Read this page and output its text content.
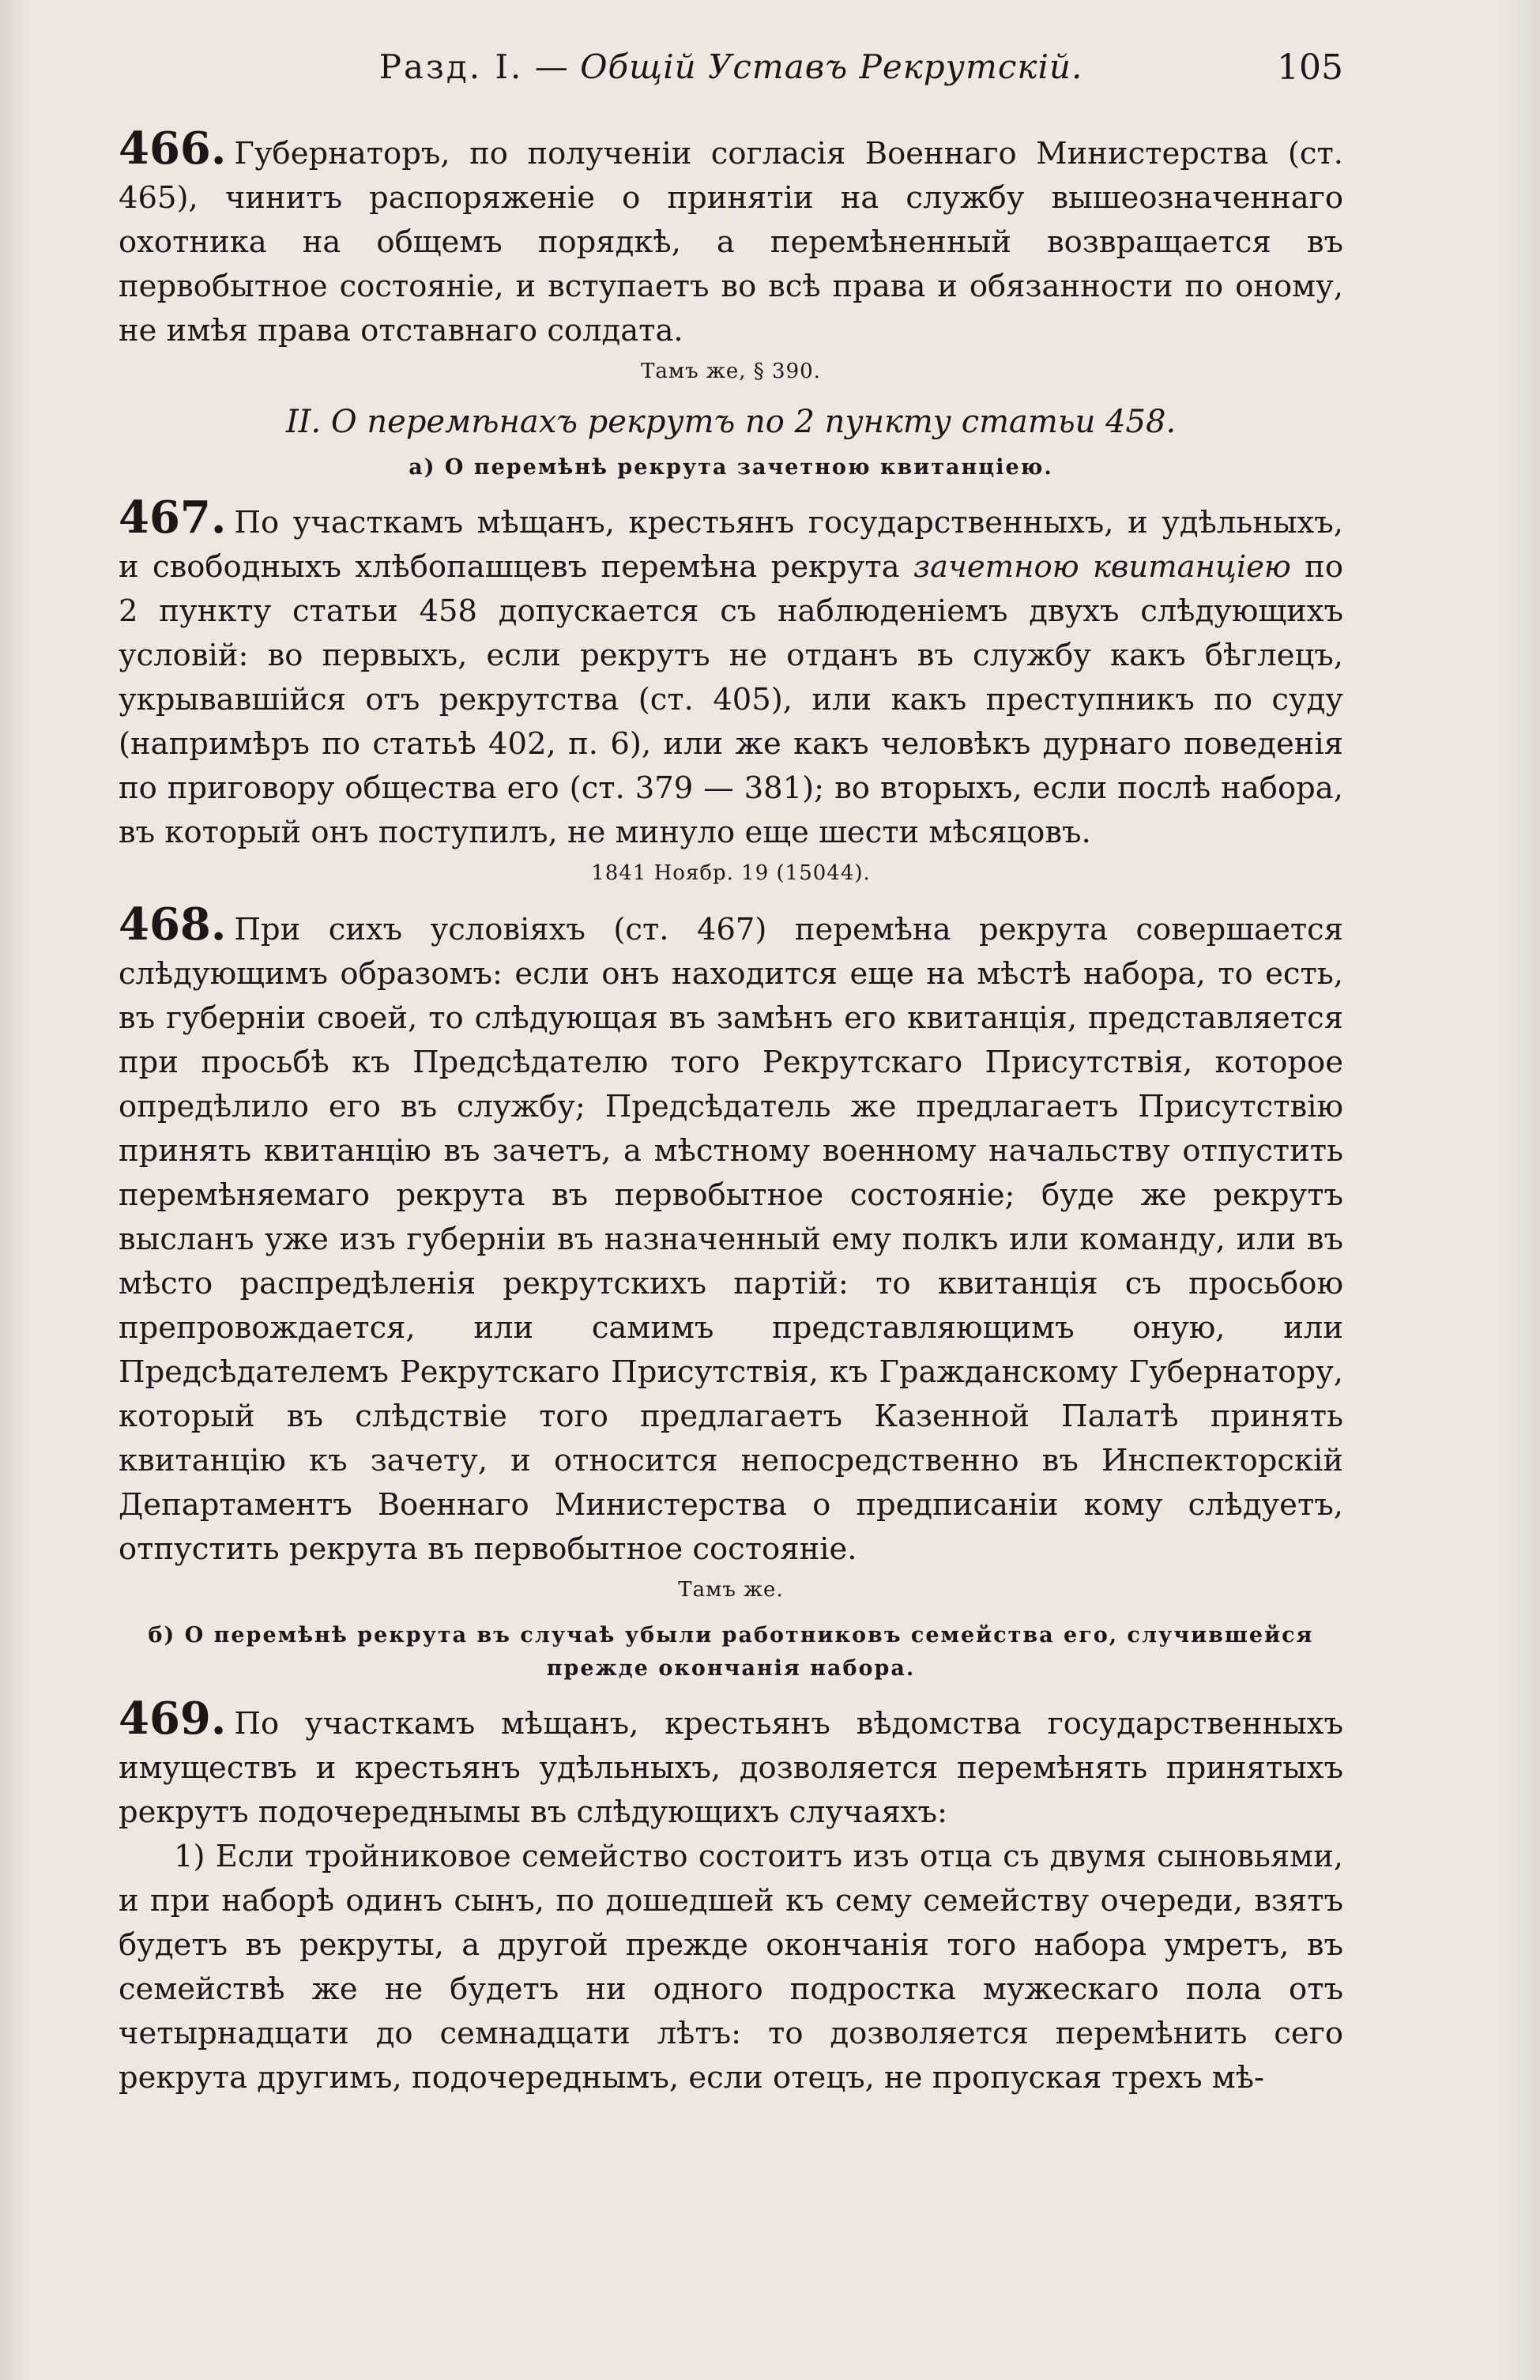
Разд. I. — Общій Уставъ Рекрутскій.	105

466. Губернаторъ, по полученіи согласія Военнаго Министерства (ст. 465), чинитъ распоряженіе о принятіи на службу вышеозначеннаго охотника на общемъ порядкѣ, а перемѣненный возвращается въ первобытное состояніе, и вступаетъ во всѣ права и обязанности по оному, не имѣя права отставнаго солдата.

Тамъ же, § 390.
II. О перемѣнахъ рекрутъ по 2 пункту статьи 458.
а) О перемѣнѣ рекрута зачетною квитанціею.

467. По участкамъ мѣщанъ, крестьянъ государственныхъ, и удѣльныхъ, и свободныхъ хлѣбопашцевъ перемѣна рекрута зачетною квитанціею по 2 пункту статьи 458 допускается съ наблюденіемъ двухъ слѣдующихъ условій: во первыхъ, если рекрутъ не отданъ въ службу какъ бѣглецъ, укрывавшійся отъ рекрутства (ст. 405), или какъ преступникъ по суду (напримѣръ по статьѣ 402, п. 6), или же какъ человѣкъ дурнаго поведенія по приговору общества его (ст. 379 — 381); во вторыхъ, если послѣ набора, въ который онъ поступилъ, не минуло еще шести мѣсяцовъ.

1841 Ноябр. 19 (15044).

468. При сихъ условіяхъ (ст. 467) перемѣна рекрута совершается слѣдующимъ образомъ: если онъ находится еще на мѣстѣ набора, то есть, въ губерніи своей, то слѣдующая въ замѣнъ его квитанція, представляется при просьбѣ къ Предсѣдателю того Рекрутскаго Присутствія, которое опредѣлило его въ службу; Предсѣдатель же предлагаетъ Присутствію принять квитанцію въ зачетъ, а мѣстному военному начальству отпустить перемѣняемаго рекрута въ первобытное состояніе; буде же рекрутъ высланъ уже изъ губерніи въ назначенный ему полкъ или команду, или въ мѣсто распредѣленія рекрутскихъ партій: то квитанція съ просьбою препровождается, или самимъ представляющимъ оную, или Предсѣдателемъ Рекрутскаго Присутствія, къ Гражданскому Губернатору, который въ слѣдствіе того предлагаетъ Казенной Палатѣ принять квитанцію къ зачету, и относится непосредственно въ Инспекторскій Департаментъ Военнаго Министерства о предписаніи кому слѣдуетъ, отпустить рекрута въ первобытное состояніе.

Тамъ же.
б) О перемѣнѣ рекрута въ случаѣ убыли работниковъ семейства его, случившейся прежде окончанія набора.

469. По участкамъ мѣщанъ, крестьянъ вѣдомства государственныхъ имуществъ и крестьянъ удѣльныхъ, дозволяется перемѣнять принятыхъ рекрутъ подочереднымы въ слѣдующихъ случаяхъ:

1) Если тройниковое семейство состоитъ изъ отца съ двумя сыновьями, и при наборѣ одинъ сынъ, по дошедшей къ сему семейству очереди, взятъ будетъ въ рекруты, а другой прежде окончанія того набора умретъ, въ семействѣ же не будетъ ни одного подростка мужескаго пола отъ четырнадцати до семнадцати лѣтъ: то дозволяется перемѣнить сего рекрута другимъ, подочереднымъ, если отецъ, не пропуская трехъ мѣ-
